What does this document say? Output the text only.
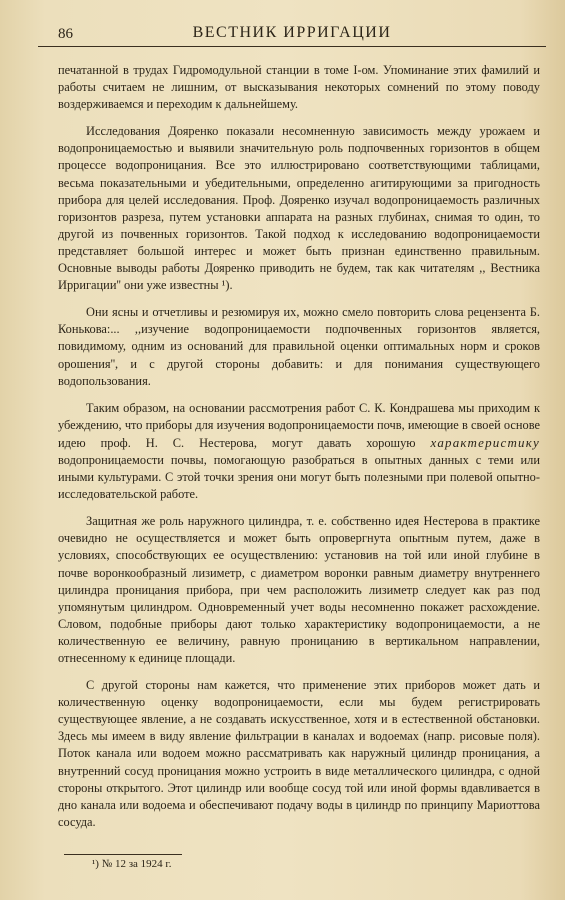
86	ВЕСТНИК ИРРИГАЦИИ

печатанной в трудах Гидромодульной станции в томе I-ом. Упоминание этих фамилий и работы считаем не лишним, от высказывания некоторых сомнений по этому поводу воздерживаемся и переходим к дальнейшему.

Исследования Дояренко показали несомненную зависимость между урожаем и водопроницаемостью и выявили значительную роль подпочвенных горизонтов в общем процессе водопроницания. Все это иллюстрировано соответствующими таблицами, весьма показательными и убедительными, определенно агитирующими за пригодность прибора для целей исследования. Проф. Дояренко изучал водопроницаемость различных горизонтов разреза, путем установки аппарата на разных глубинах, снимая то один, то другой из почвенных горизонтов. Такой подход к исследованию водопроницаемости представляет большой интерес и может быть признан единственно правильным. Основные выводы работы Дояренко приводить не будем, так как читателям ,, Вестника Ирригации'' они уже известны ¹).

Они ясны и отчетливы и резюмируя их, можно смело повторить слова рецензента Б. Конькова:... ,,изучение водопроницаемости подпочвенных горизонтов является, повидимому, одним из оснований для правильной оценки оптимальных норм и сроков орошения'', и с другой стороны добавить: и для понимания существующего водопользования.

Таким образом, на основании рассмотрения работ С. К. Кондрашева мы приходим к убеждению, что приборы для изучения водопроницаемости почв, имеющие в своей основе идею проф. Н. С. Нестерова, могут давать хорошую характеристику водопроницаемости почвы, помогающую разобраться в опытных данных с теми или иными культурами. С этой точки зрения они могут быть полезными при полевой опытно-исследовательской работе.

Защитная же роль наружного цилиндра, т. е. собственно идея Нестерова в практике очевидно не осуществляется и может быть опровергнута опытным путем, даже в условиях, способствующих ее осуществлению: установив на той или иной глубине в почве воронкообразный лизиметр, с диаметром воронки равным диаметру внутреннего цилиндра проницания прибора, при чем расположить лизиметр следует как раз под упомянутым цилиндром. Одновременный учет воды несомненно покажет расхождение. Словом, подобные приборы дают только характеристику водопроницаемости, а не количественную ее величину, равную проницанию в вертикальном направлении, отнесенному к единице площади.

С другой стороны нам кажется, что применение этих приборов может дать и количественную оценку водопроницаемости, если мы будем регистрировать существующее явление, а не создавать искусственное, хотя и в естественной обстановки. Здесь мы имеем в виду явление фильтрации в каналах и водоемах (напр. рисовые поля). Поток канала или водоем можно рассматривать как наружный цилиндр проницания, а внутренний сосуд проницания можно устроить в виде металлического цилиндра, с одной стороны открытого. Этот цилиндр или вообще сосуд той или иной формы вдавливается в дно канала или водоема и обеспечивают подачу воды в цилиндр по принципу Мариоттова сосуда.

¹) № 12 за 1924 г.
